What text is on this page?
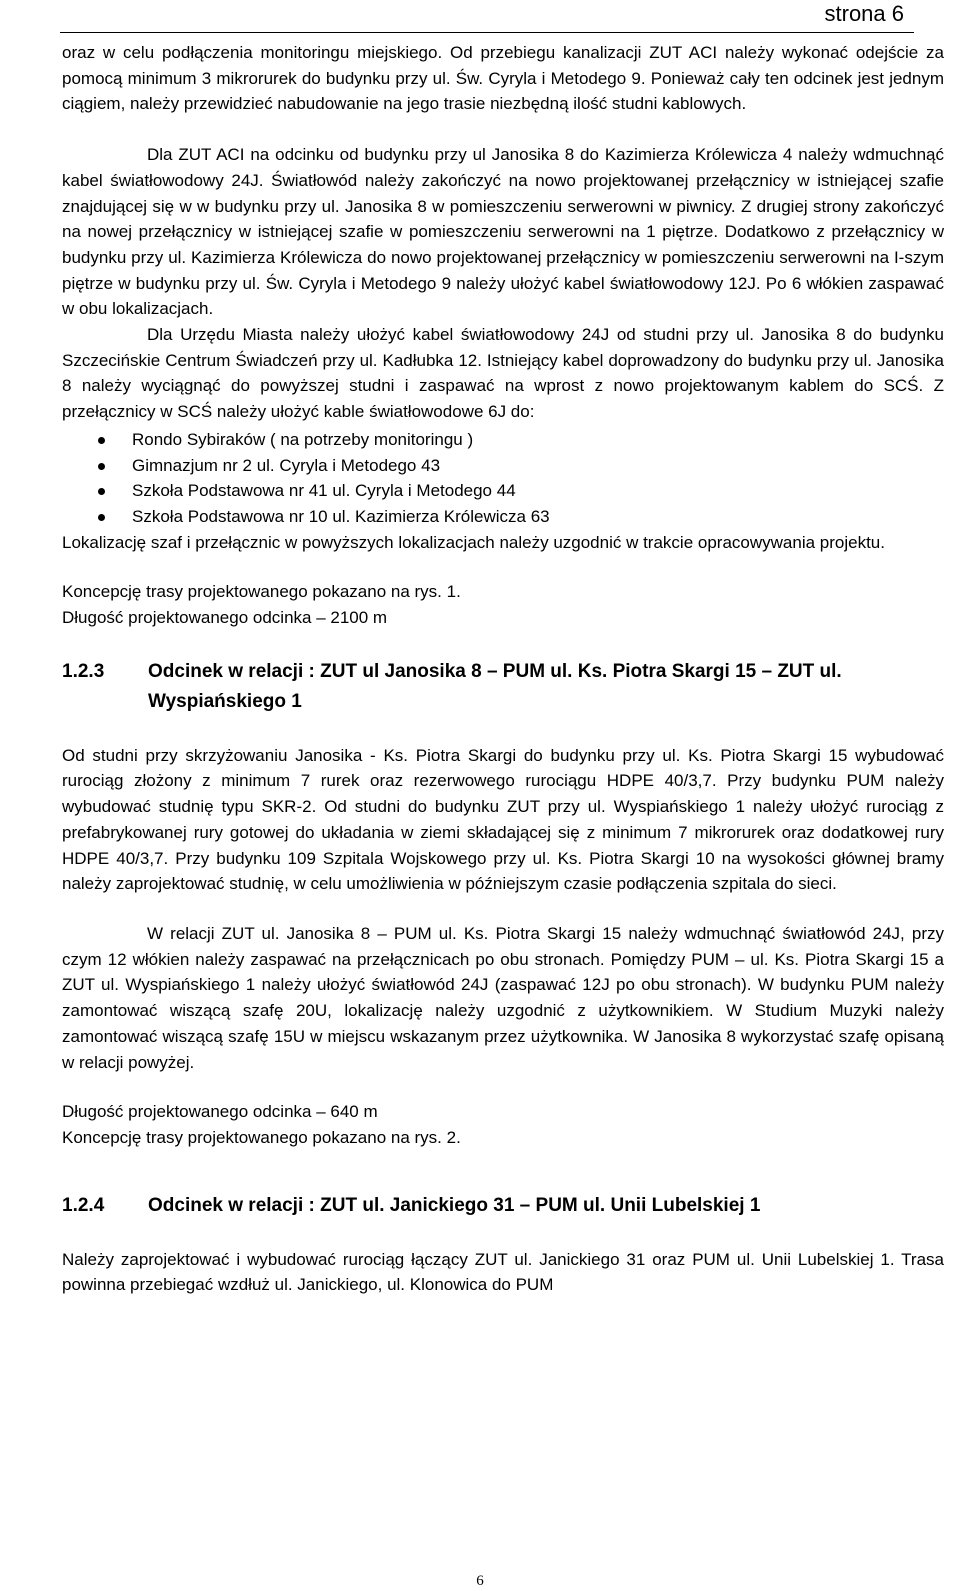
strona 6

oraz w celu podłączenia monitoringu miejskiego. Od przebiegu kanalizacji ZUT ACI należy wykonać odejście za pomocą minimum 3 mikrorurek do budynku przy ul. Św. Cyryla i Metodego 9. Ponieważ cały ten odcinek jest jednym ciągiem, należy przewidzieć nabudowanie na jego trasie niezbędną ilość studni kablowych.

Dla ZUT ACI na odcinku od budynku przy ul Janosika 8 do Kazimierza Królewicza 4 należy wdmuchnąć kabel światłowodowy 24J. Światłowód należy zakończyć na nowo projektowanej przełącznicy w istniejącej szafie znajdującej się w w budynku przy ul. Janosika 8 w pomieszczeniu serwerowni w piwnicy. Z drugiej strony zakończyć na nowej przełącznicy w istniejącej szafie w pomieszczeniu serwerowni na 1 piętrze. Dodatkowo z przełącznicy w budynku przy ul. Kazimierza Królewicza do nowo projektowanej przełącznicy w pomieszczeniu serwerowni na I-szym piętrze w budynku przy ul. Św. Cyryla i Metodego 9 należy ułożyć kabel światłowodowy 12J. Po 6 włókien zaspawać w obu lokalizacjach.

Dla Urzędu Miasta należy ułożyć kabel światłowodowy 24J od studni przy ul. Janosika 8 do budynku Szczecińskie Centrum Świadczeń przy ul. Kadłubka 12. Istniejący kabel doprowadzony do budynku przy ul. Janosika 8 należy wyciągnąć do powyższej studni i zaspawać na wprost z nowo projektowanym kablem do SCŚ. Z przełącznicy w SCŚ należy ułożyć kable światłowodowe 6J do:

Rondo Sybiraków ( na potrzeby monitoringu )
Gimnazjum nr 2 ul. Cyryla i Metodego 43
Szkoła Podstawowa nr 41 ul. Cyryla i Metodego 44
Szkoła Podstawowa nr 10 ul. Kazimierza Królewicza 63

Lokalizację szaf i przełącznic w powyższych lokalizacjach należy uzgodnić w trakcie opracowywania projektu.

Koncepcję trasy projektowanego pokazano na rys. 1.

Długość projektowanego odcinka – 2100 m

1.2.3	Odcinek w relacji : ZUT ul Janosika 8 – PUM ul. Ks. Piotra Skargi 15 – ZUT ul. Wyspiańskiego 1

Od studni przy skrzyżowaniu Janosika - Ks. Piotra Skargi do budynku przy ul. Ks. Piotra Skargi 15 wybudować rurociąg złożony z minimum 7 rurek oraz rezerwowego rurociągu HDPE 40/3,7. Przy budynku PUM należy wybudować studnię typu SKR-2. Od studni do budynku ZUT przy ul. Wyspiańskiego 1 należy ułożyć rurociąg z prefabrykowanej rury gotowej do układania w ziemi składającej się z minimum 7 mikrorurek oraz dodatkowej rury HDPE 40/3,7. Przy budynku 109 Szpitala Wojskowego przy ul. Ks. Piotra Skargi 10 na wysokości głównej bramy należy zaprojektować studnię, w celu umożliwienia w późniejszym czasie podłączenia szpitala do sieci.

W relacji ZUT ul. Janosika 8 – PUM ul. Ks. Piotra Skargi 15 należy wdmuchnąć światłowód 24J, przy czym 12 włókien należy zaspawać na przełącznicach po obu stronach. Pomiędzy PUM – ul. Ks. Piotra Skargi 15 a ZUT ul. Wyspiańskiego 1 należy ułożyć światłowód 24J (zaspawać 12J po obu stronach). W budynku PUM należy zamontować wiszącą szafę 20U, lokalizację należy uzgodnić z użytkownikiem. W Studium Muzyki należy zamontować wiszącą szafę 15U w miejscu wskazanym przez użytkownika. W Janosika 8 wykorzystać szafę opisaną w relacji powyżej.

Długość projektowanego odcinka – 640 m

Koncepcję trasy projektowanego pokazano na rys. 2.

1.2.4	Odcinek w relacji : ZUT ul. Janickiego 31 – PUM ul. Unii Lubelskiej 1

Należy zaprojektować i wybudować rurociąg łączący ZUT ul. Janickiego 31 oraz PUM ul. Unii Lubelskiej 1. Trasa powinna przebiegać wzdłuż ul. Janickiego, ul. Klonowica do PUM

6
